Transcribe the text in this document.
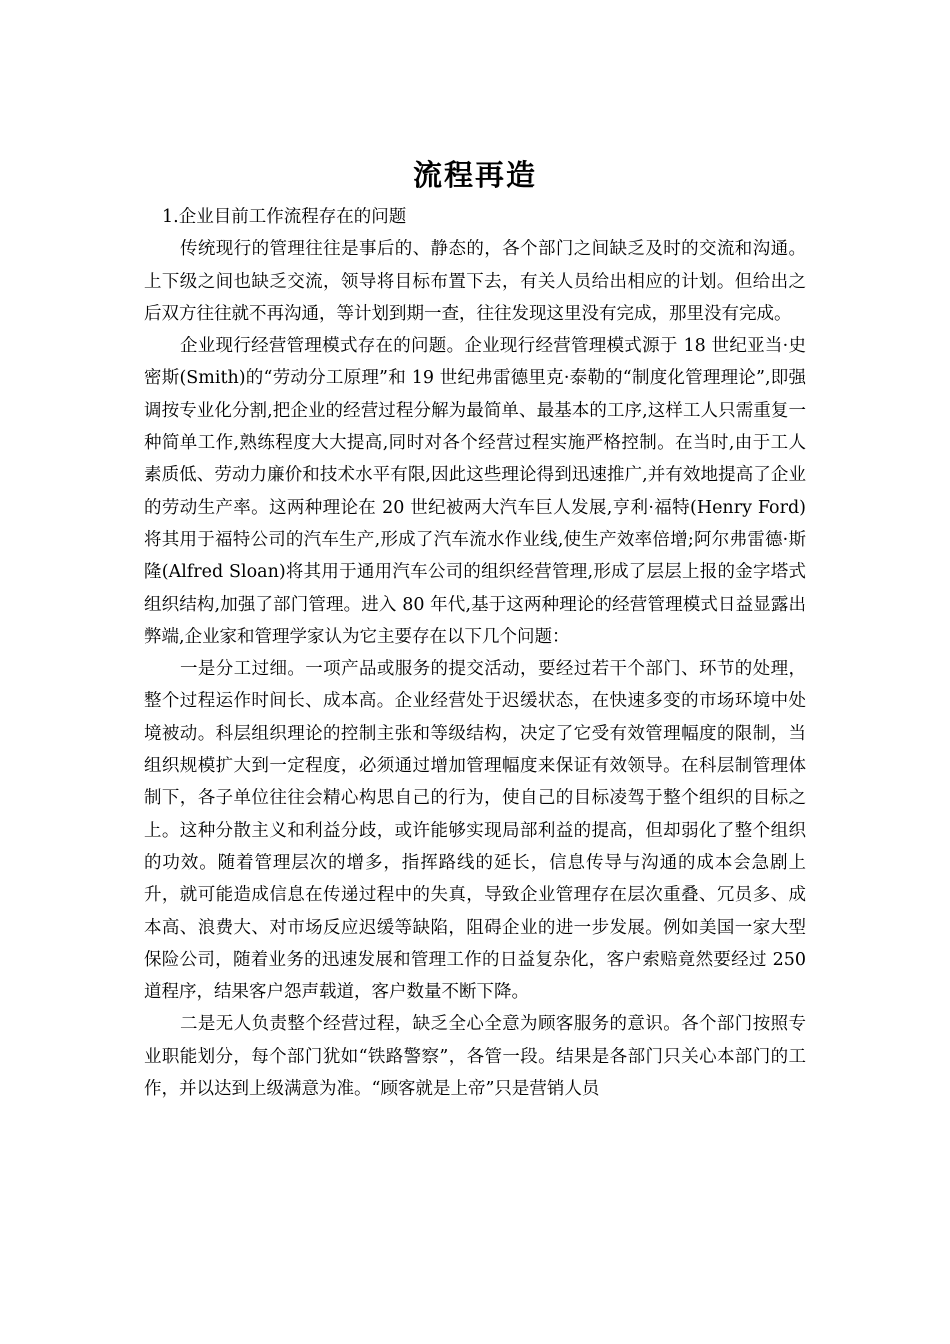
流程再造

1.企业目前工作流程存在的问题

传统现行的管理往往是事后的、静态的，各个部门之间缺乏及时的交流和沟通。上下级之间也缺乏交流，领导将目标布置下去，有关人员给出相应的计划。但给出之后双方往往就不再沟通，等计划到期一查，往往发现这里没有完成，那里没有完成。

企业现行经营管理模式存在的问题。企业现行经营管理模式源于 18 世纪亚当·史密斯(Smith)的“劳动分工原理”和 19 世纪弗雷德里克·泰勒的“制度化管理理论”,即强调按专业化分割,把企业的经营过程分解为最简单、最基本的工序,这样工人只需重复一种简单工作,熟练程度大大提高,同时对各个经营过程实施严格控制。在当时,由于工人素质低、劳动力廉价和技术水平有限,因此这些理论得到迅速推广,并有效地提高了企业的劳动生产率。这两种理论在 20 世纪被两大汽车巨人发展,亨利·福特(Henry Ford)将其用于福特公司的汽车生产,形成了汽车流水作业线,使生产效率倍增;阿尔弗雷德·斯隆(Alfred Sloan)将其用于通用汽车公司的组织经营管理,形成了层层上报的金字塔式组织结构,加强了部门管理。进入 80 年代,基于这两种理论的经营管理模式日益显露出弊端,企业家和管理学家认为它主要存在以下几个问题：

一是分工过细。一项产品或服务的提交活动，要经过若干个部门、环节的处理，整个过程运作时间长、成本高。企业经营处于迟缓状态，在快速多变的市场环境中处境被动。科层组织理论的控制主张和等级结构，决定了它受有效管理幅度的限制，当组织规模扩大到一定程度，必须通过增加管理幅度来保证有效领导。在科层制管理体制下，各子单位往往会精心构思自己的行为，使自己的目标凌驾于整个组织的目标之上。这种分散主义和利益分歧，或许能够实现局部利益的提高，但却弱化了整个组织的功效。随着管理层次的增多，指挥路线的延长，信息传导与沟通的成本会急剧上升，就可能造成信息在传递过程中的失真，导致企业管理存在层次重叠、冗员多、成本高、浪费大、对市场反应迟缓等缺陷，阻碍企业的进一步发展。例如美国一家大型保险公司，随着业务的迅速发展和管理工作的日益复杂化，客户索赔竟然要经过 250 道程序，结果客户怨声载道，客户数量不断下降。

二是无人负责整个经营过程，缺乏全心全意为顾客服务的意识。各个部门按照专业职能划分，每个部门犹如“铁路警察”，各管一段。结果是各部门只关心本部门的工作，并以达到上级满意为准。“顾客就是上帝”只是营销人员
